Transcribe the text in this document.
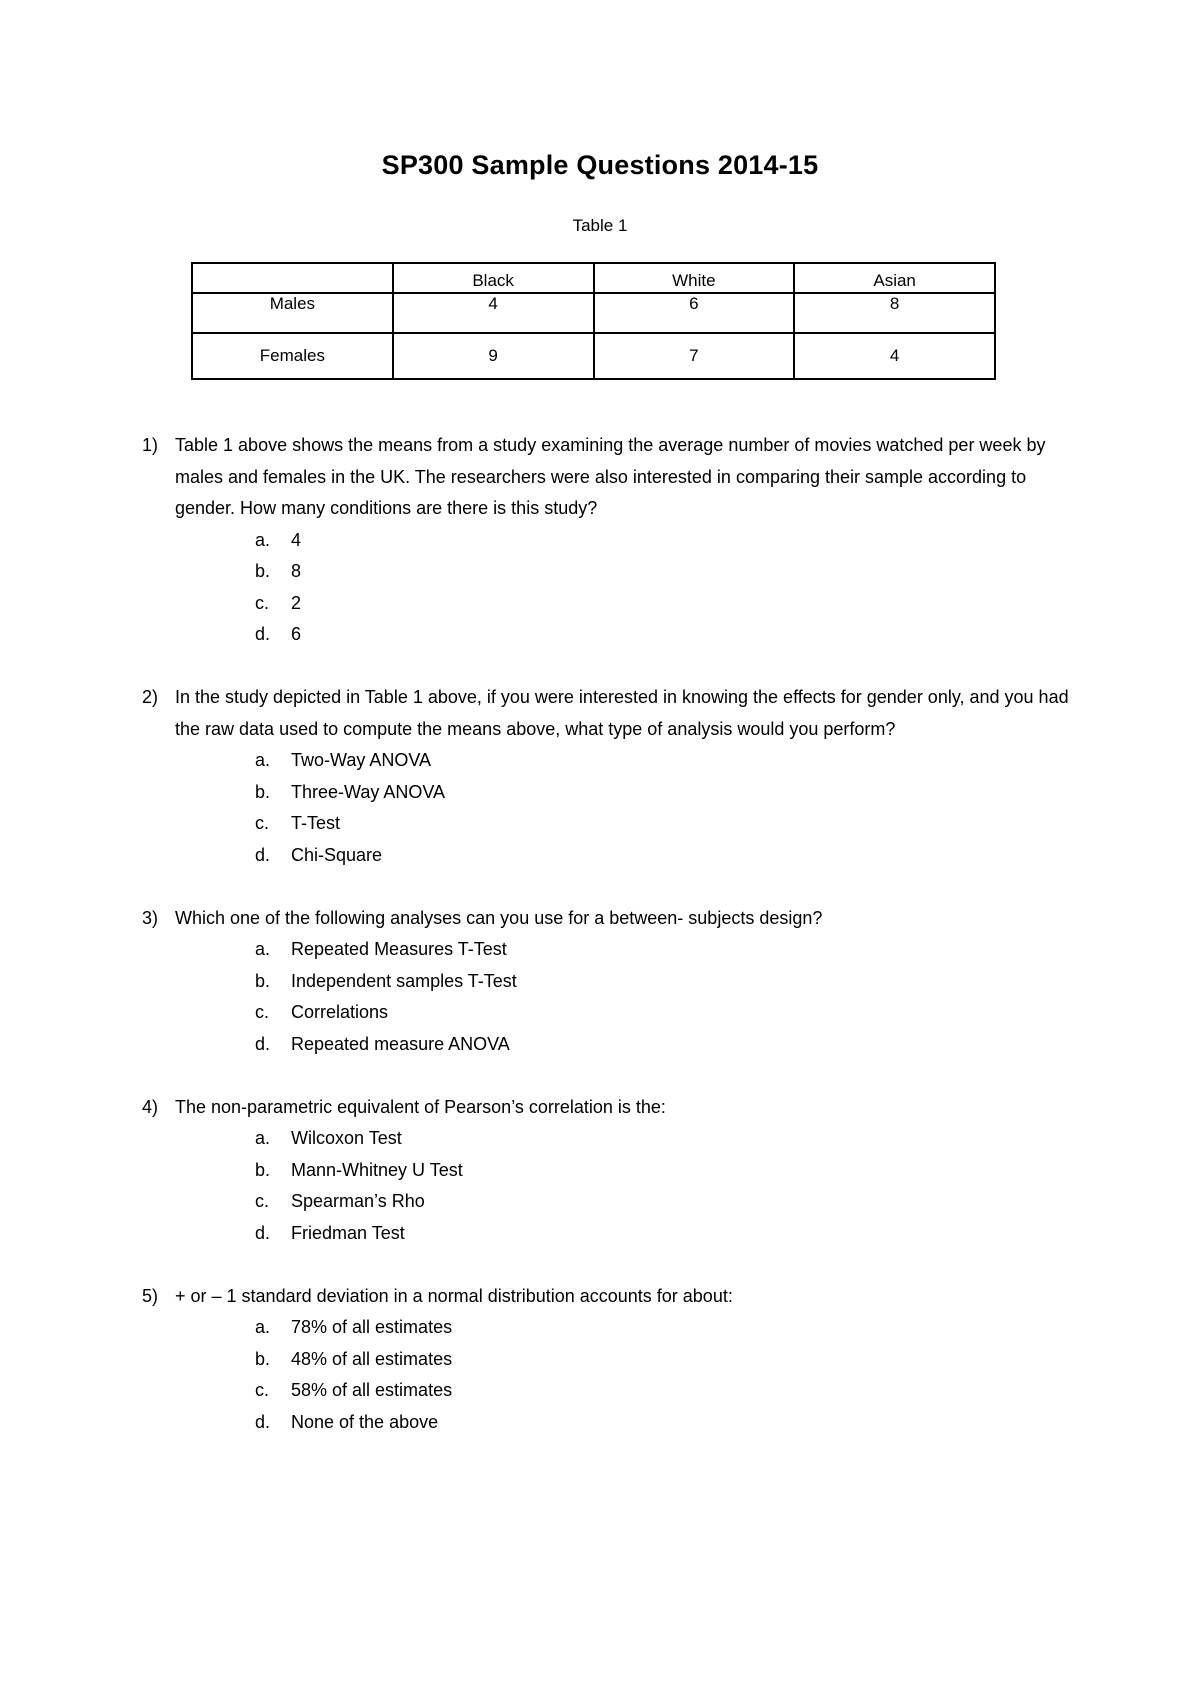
SP300 Sample Questions 2014-15
Table 1
	Black	White	Asian
Males	4	6	8
Females	9	7	4
1) Table 1 above shows the means from a study examining the average number of movies watched per week by males and females in the UK. The researchers were also interested in comparing their sample according to gender. How many conditions are there is this study?
a. 4
b. 8
c. 2
d. 6
2) In the study depicted in Table 1 above, if you were interested in knowing the effects for gender only, and you had the raw data used to compute the means above, what type of analysis would you perform?
a. Two-Way ANOVA
b. Three-Way ANOVA
c. T-Test
d. Chi-Square
3) Which one of the following analyses can you use for a between- subjects design?
a. Repeated Measures T-Test
b. Independent samples T-Test
c. Correlations
d. Repeated measure ANOVA
4) The non-parametric equivalent of Pearson’s correlation is the:
a. Wilcoxon Test
b. Mann-Whitney U Test
c. Spearman’s Rho
d. Friedman Test
5) + or – 1 standard deviation in a normal distribution accounts for about:
a. 78% of all estimates
b. 48% of all estimates
c. 58% of all estimates
d. None of the above
